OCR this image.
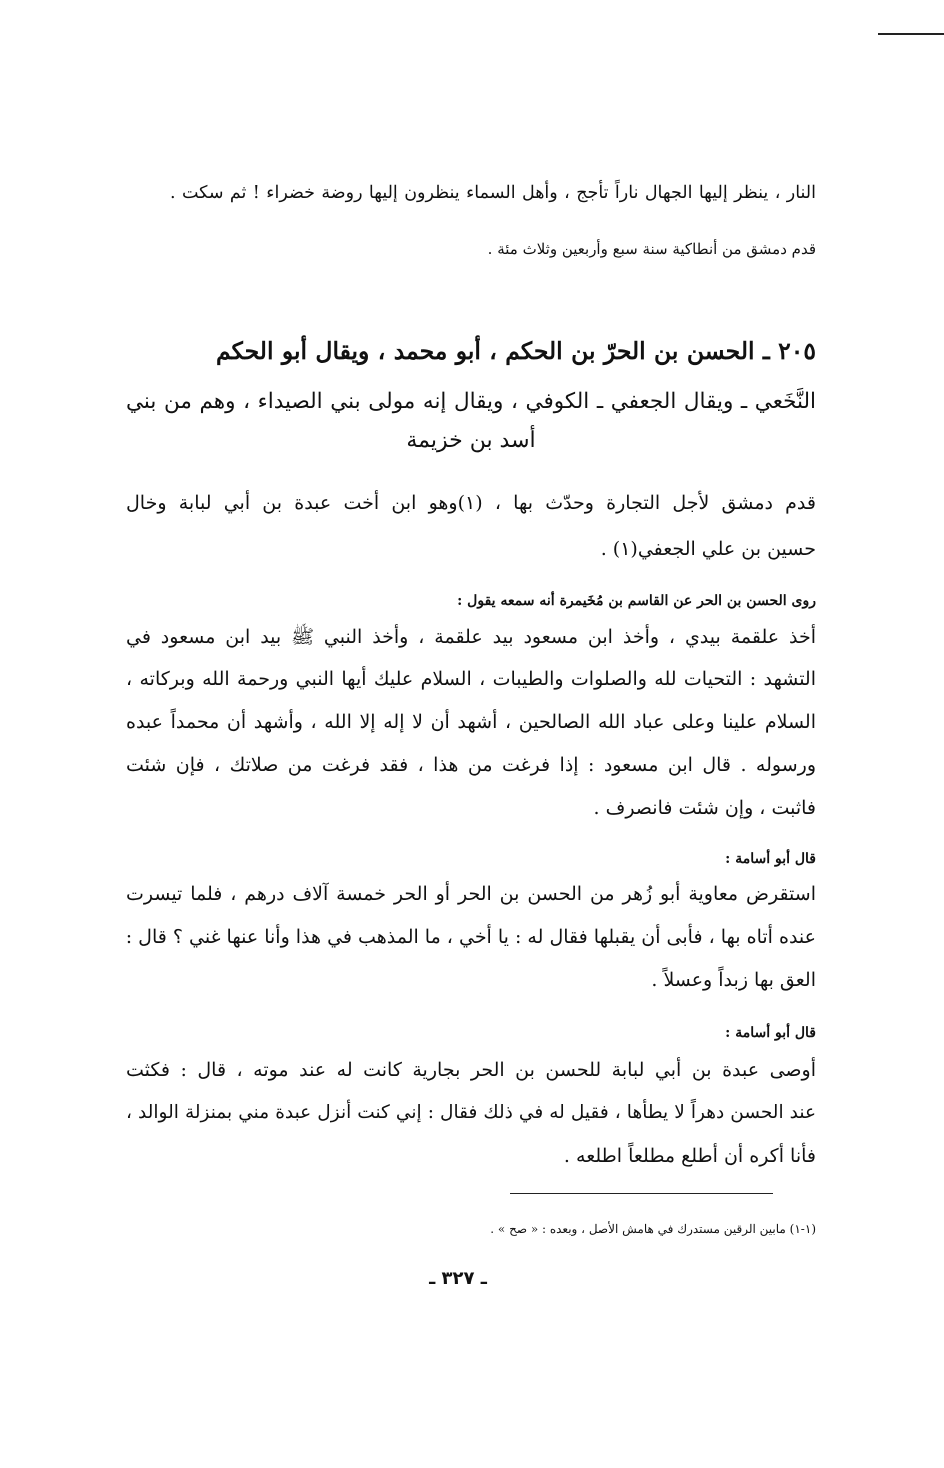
النار ، ينظر إليها الجهال ناراً تأجج ، وأهل السماء ينظرون إليها روضة خضراء ! ثم سكت .
قدم دمشق من أنطاكية سنة سبع وأربعين وثلاث مئة .
٢٠٥ ـ الحسن بن الحرّ بن الحكم ، أبو محمد ، ويقال أبو الحكم
النَّخَعي ـ ويقال الجعفي ـ الكوفي ، ويقال إنه مولى بني الصيداء ، وهم من بني
أسد بن خزيمة
قدم دمشق لأجل التجارة وحدّث بها ، (١)وهو ابن أخت عبدة بن أبي لبابة وخال
حسين بن علي الجعفي(١) .
روى الحسن بن الحر عن القاسم بن مُخَيمرة أنه سمعه يقول :
أخذ علقمة بيدي ، وأخذ ابن مسعود بيد علقمة ، وأخذ النبي ﷺ بيد ابن مسعود في
التشهد : التحيات لله والصلوات والطيبات ، السلام عليك أيها النبي ورحمة الله وبركاته ،
السلام علينا وعلى عباد الله الصالحين ، أشهد أن لا إله إلا الله ، وأشهد أن محمداً عبده
ورسوله . قال ابن مسعود : إذا فرغت من هذا ، فقد فرغت من صلاتك ، فإن شئت
فاثبت ، وإن شئت فانصرف .
قال أبو أسامة :
استقرض معاوية أبو زُهر من الحسن بن الحر أو الحر خمسة آلاف درهم ، فلما تيسرت
عنده أتاه بها ، فأبى أن يقبلها فقال له : يا أخي ، ما المذهب في هذا وأنا عنها غني ؟ قال :
العق بها زبداً وعسلاً .
قال أبو أسامة :
أوصى عبدة بن أبي لبابة للحسن بن الحر بجارية كانت له عند موته ، قال : فكثت
عند الحسن دهراً لا يطأها ، فقيل له في ذلك فقال : إني كنت أنزل عبدة مني بمنزلة الوالد ،
فأنا أكره أن أطلع مطلعاً اطلعه .
(١-١) مابين الرقين مستدرك في هامش الأصل ، وبعده : « صح » .
ـ ٣٢٧ ـ
